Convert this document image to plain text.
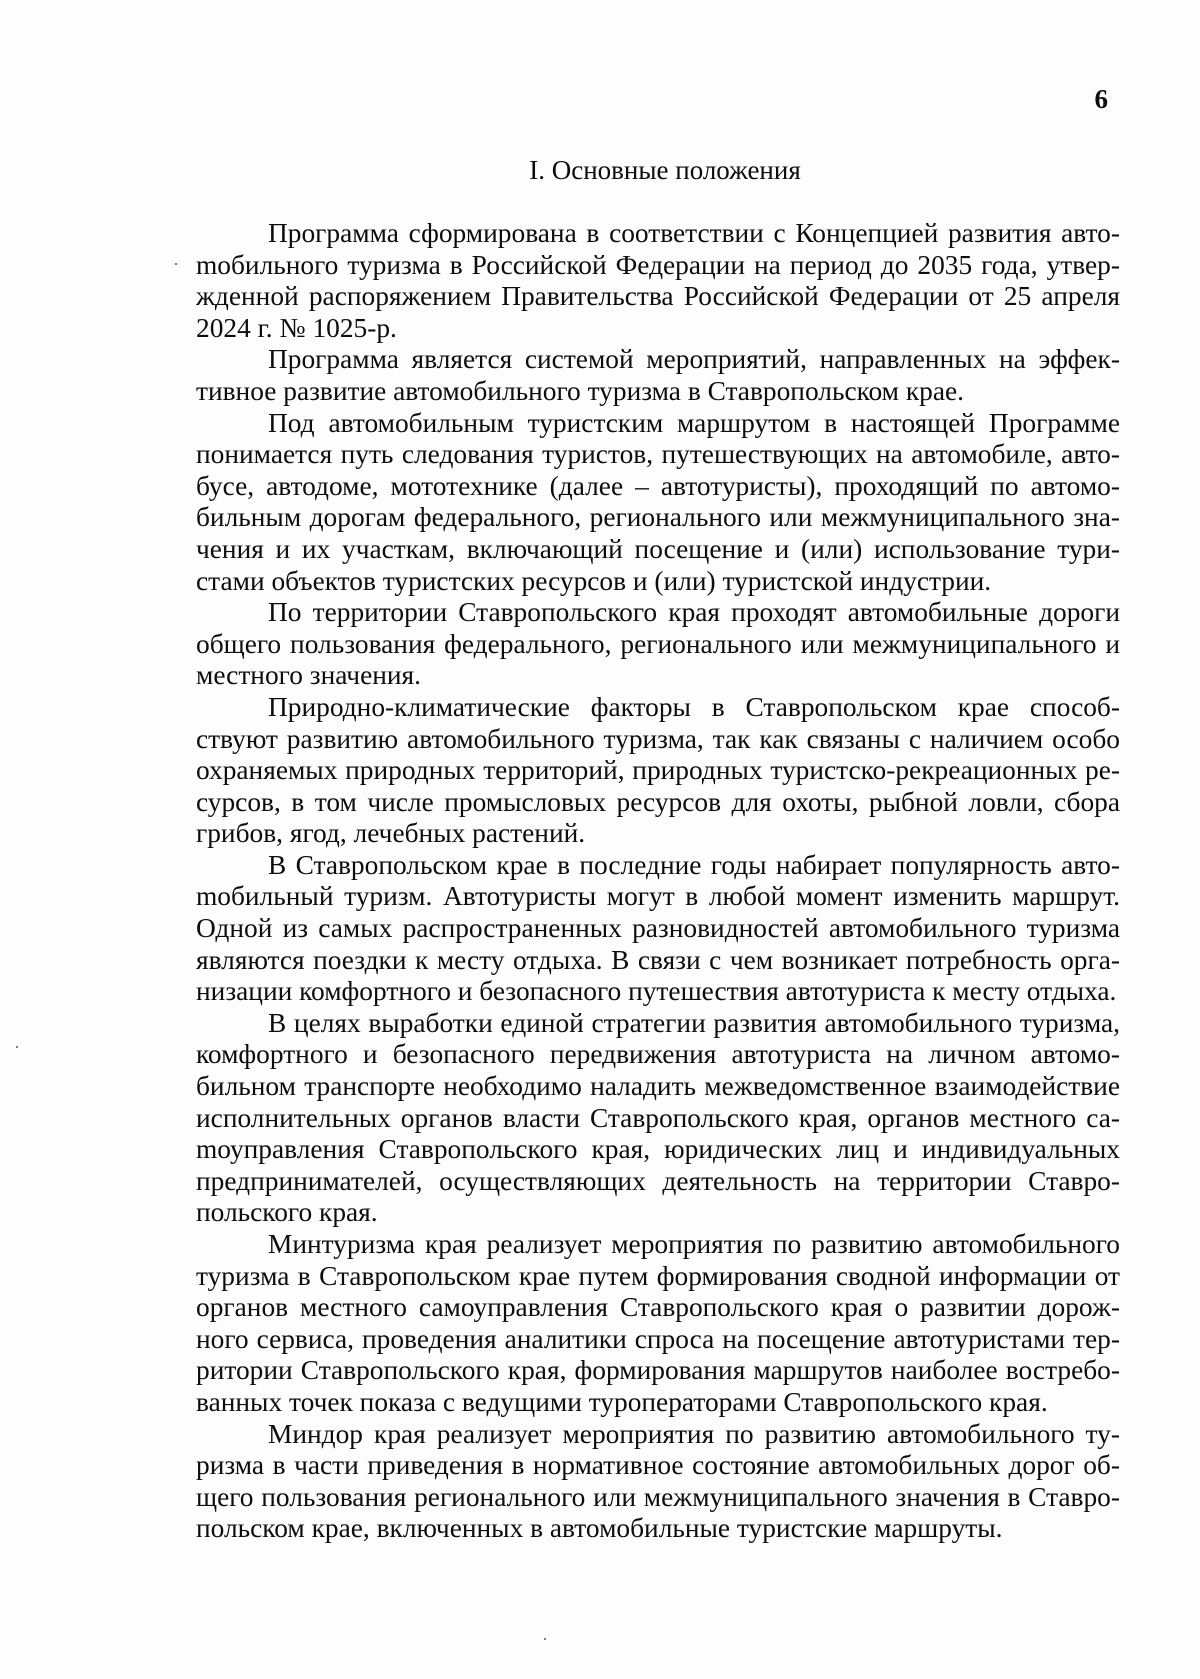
6
I. Основные положения

Программа сформирована в соответствии с Концепцией развития автоmобильного туризма в Российской Федерации на период до 2035 года, утвержденной распоряжением Правительства Российской Федерации от 25 апреля 2024 г. № 1025-р.

Программа является системой мероприятий, направленных на эффективное развитие автомобильного туризма в Ставропольском крае.

Под автомобильным туристским маршрутом в настоящей Программе понимается путь следования туристов, путешествующих на автомобиле, автобусе, автодоме, мототехнике (далее – автотуристы), проходящий по автомобильным дорогам федерального, регионального или межмуниципального значения и их участкам, включающий посещение и (или) использование туристами объектов туристских ресурсов и (или) туристской индустрии.

По территории Ставропольского края проходят автомобильные дороги общего пользования федерального, регионального или межмуниципального и местного значения.

Природно-климатические факторы в Ставропольском крае способствуют развитию автомобильного туризма, так как связаны с наличием особо охраняемых природных территорий, природных туристско-рекреационных ресурсов, в том числе промысловых ресурсов для охоты, рыбной ловли, сбора грибов, ягод, лечебных растений.

В Ставропольском крае в последние годы набирает популярность автоmобильный туризм. Автотуристы могут в любой момент изменить маршрут. Одной из самых распространенных разновидностей автомобильного туризма являются поездки к месту отдыха. В связи с чем возникает потребность организации комфортного и безопасного путешествия автотуриста к месту отдыха.

В целях выработки единой стратегии развития автомобильного туризма, комфортного и безопасного передвижения автотуриста на личном автомобильном транспорте необходимо наладить межведомственное взаимодействие исполнительных органов власти Ставропольского края, органов местного саmоуправления Ставропольского края, юридических лиц и индивидуальных предпринимателей, осуществляющих деятельность на территории Ставропольского края.

Минтуризма края реализует мероприятия по развитию автомобильного туризма в Ставропольском крае путем формирования сводной информации от органов местного самоуправления Ставропольского края о развитии дорожного сервиса, проведения аналитики спроса на посещение автотуристами территории Ставропольского края, формирования маршрутов наиболее востребованных точек показа с ведущими туроператорами Ставропольского края.

Миндор края реализует мероприятия по развитию автомобильного туризма в части приведения в нормативное состояние автомобильных дорог общего пользования регионального или межмуниципального значения в Ставропольском крае, включенных в автомобильные туристские маршруты.
